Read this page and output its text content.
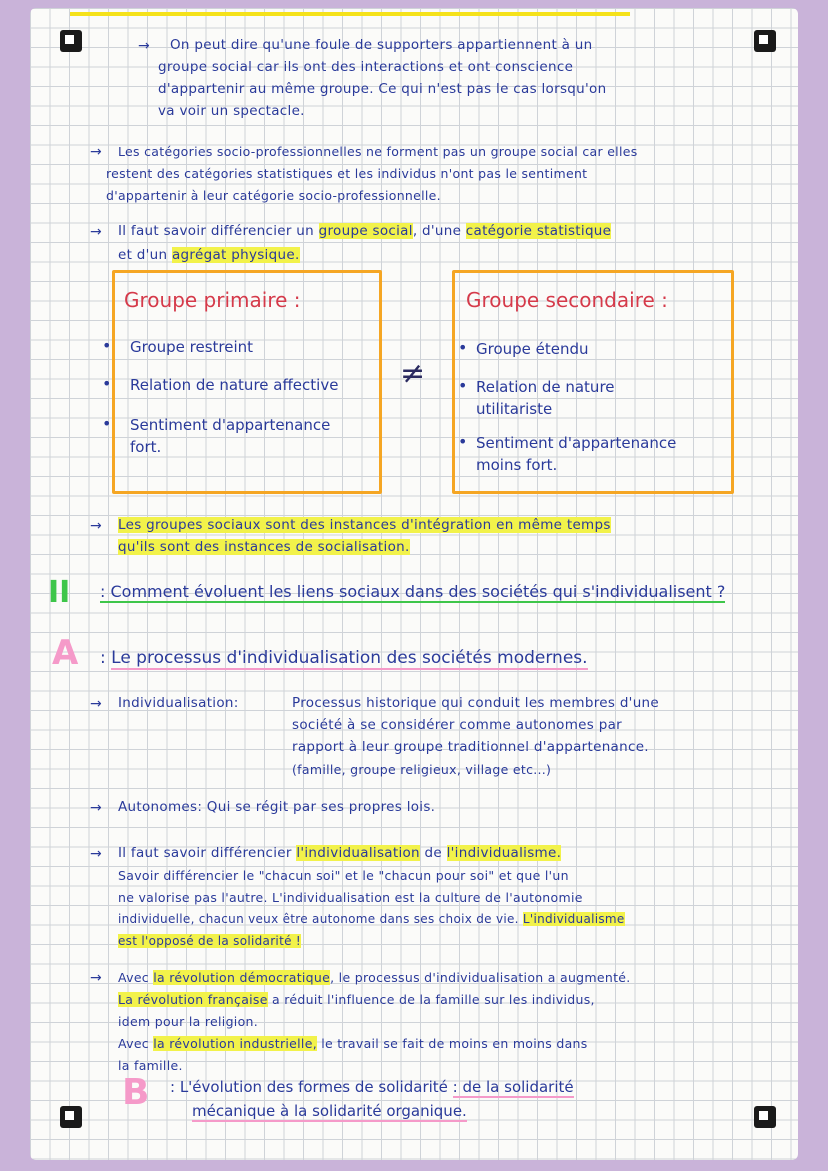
→ On peut dire qu'une foule de supporters appartiennent à un
groupe social car ils ont des interactions et ont conscience
d'appartenir au même groupe. Ce qui n'est pas le cas lorsqu'on
va voir un spectacle.
→ Les catégories socio-professionnelles ne forment pas un groupe social car elles
restent des catégories statistiques et les individus n'ont pas le sentiment
d'appartenir à leur catégorie socio-professionnelle.
→ Il faut savoir différencier un groupe social, d'une catégorie statistique
et d'un agrégat physique.
Groupe primaire :
• Groupe restreint
• Relation de nature affective
• Sentiment d'appartenance
fort.
≠
Groupe secondaire :
• Groupe étendu
• Relation de nature
utilitariste
• Sentiment d'appartenance
moins fort.
→ Les groupes sociaux sont des instances d'intégration en même temps
qu'ils sont des instances de socialisation.
II : Comment évoluent les liens sociaux dans des sociétés qui s'individualisent ?
A : Le processus d'individualisation des sociétés modernes.
→ Individualisation:	Processus historique qui conduit les membres d'une
société à se considérer comme autonomes par
rapport à leur groupe traditionnel d'appartenance.
(famille, groupe religieux, village etc...)
→ Autonomes: Qui se régit par ses propres lois.
→ Il faut savoir différencier l'individualisation de l'individualisme.
Savoir différencier le "chacun soi" et le "chacun pour soi" et que l'un
ne valorise pas l'autre. L'individualisation est la culture de l'autonomie
individuelle, chacun veux être autonome dans ses choix de vie. L'individualisme
est l'opposé de la solidarité !
→ Avec la révolution démocratique, le processus d'individualisation a augmenté.
La révolution française a réduit l'influence de la famille sur les individus,
idem pour la religion.
Avec la révolution industrielle, le travail se fait de moins en moins dans
la famille.
B : L'évolution des formes de solidarité : de la solidarité
mécanique à la solidarité organique.
